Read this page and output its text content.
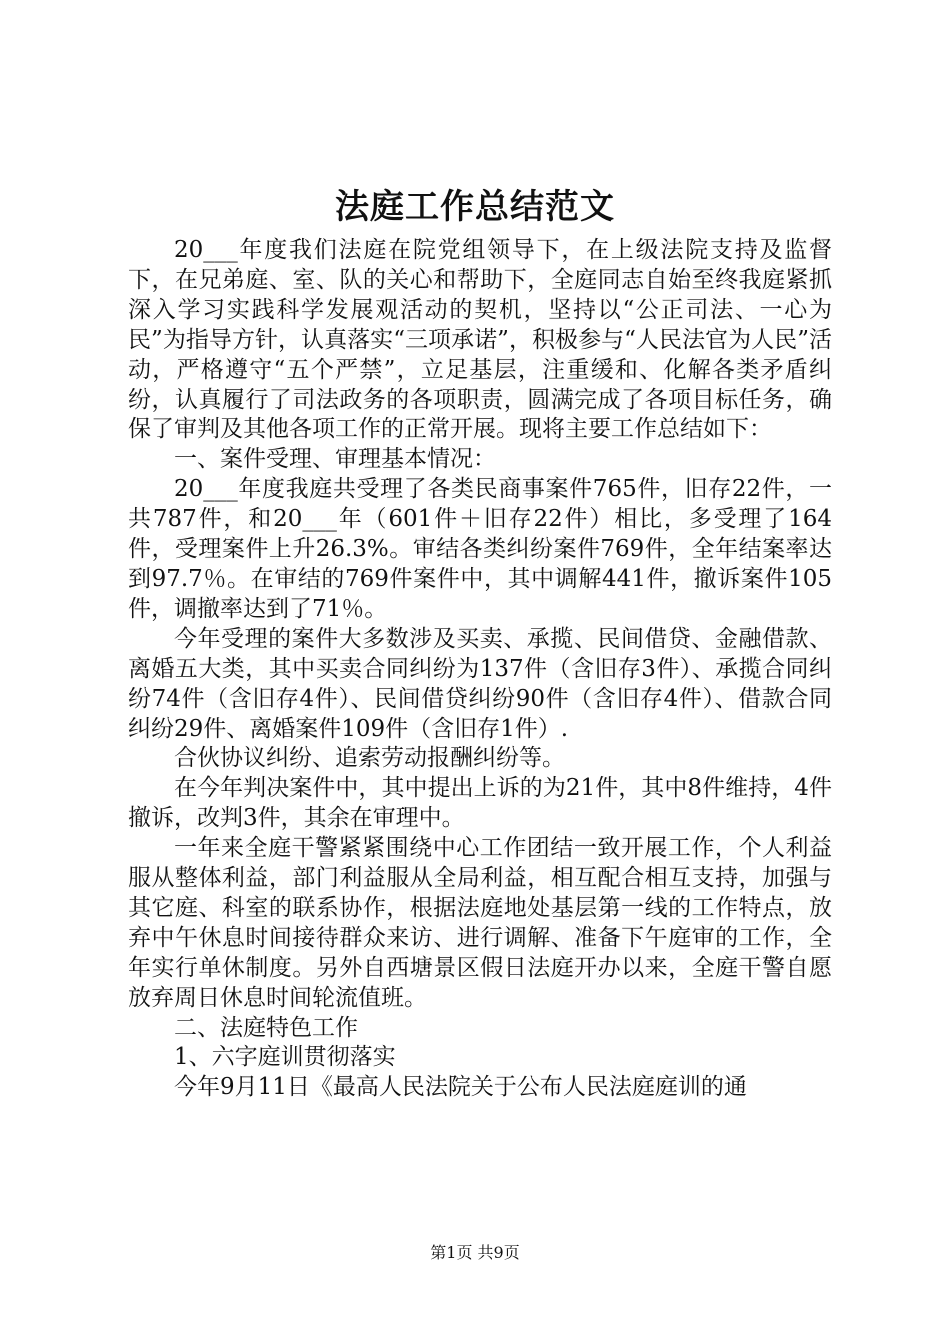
法庭工作总结范文

20___年度我们法庭在院党组领导下，在上级法院支持及监督下，在兄弟庭、室、队的关心和帮助下，全庭同志自始至终我庭紧抓深入学习实践科学发展观活动的契机，坚持以“公正司法、一心为民”为指导方针，认真落实“三项承诺”，积极参与“人民法官为人民”活动，严格遵守“五个严禁”，立足基层，注重缓和、化解各类矛盾纠纷，认真履行了司法政务的各项职责，圆满完成了各项目标任务，确保了审判及其他各项工作的正常开展。现将主要工作总结如下：

一、案件受理、审理基本情况：

20___年度我庭共受理了各类民商事案件765件，旧存22件，一共787件，和20___年（601件＋旧存22件）相比，多受理了164件，受理案件上升26.3%。审结各类纠纷案件769件，全年结案率达到97.7％。在审结的769件案件中，其中调解441件，撤诉案件105件，调撤率达到了71％。

今年受理的案件大多数涉及买卖、承揽、民间借贷、金融借款、离婚五大类，其中买卖合同纠纷为137件（含旧存3件）、承揽合同纠纷74件（含旧存4件）、民间借贷纠纷90件（含旧存4件）、借款合同纠纷29件、离婚案件109件（含旧存1件）.

合伙协议纠纷、追索劳动报酬纠纷等。

在今年判决案件中，其中提出上诉的为21件，其中8件维持，4件撤诉，改判3件，其余在审理中。

一年来全庭干警紧紧围绕中心工作团结一致开展工作，个人利益服从整体利益，部门利益服从全局利益，相互配合相互支持，加强与其它庭、科室的联系协作，根据法庭地处基层第一线的工作特点，放弃中午休息时间接待群众来访、进行调解、准备下午庭审的工作，全年实行单休制度。另外自西塘景区假日法庭开办以来，全庭干警自愿放弃周日休息时间轮流值班。

二、法庭特色工作

1、六字庭训贯彻落实

今年9月11日《最高人民法院关于公布人民法庭庭训的通

第1页 共9页
